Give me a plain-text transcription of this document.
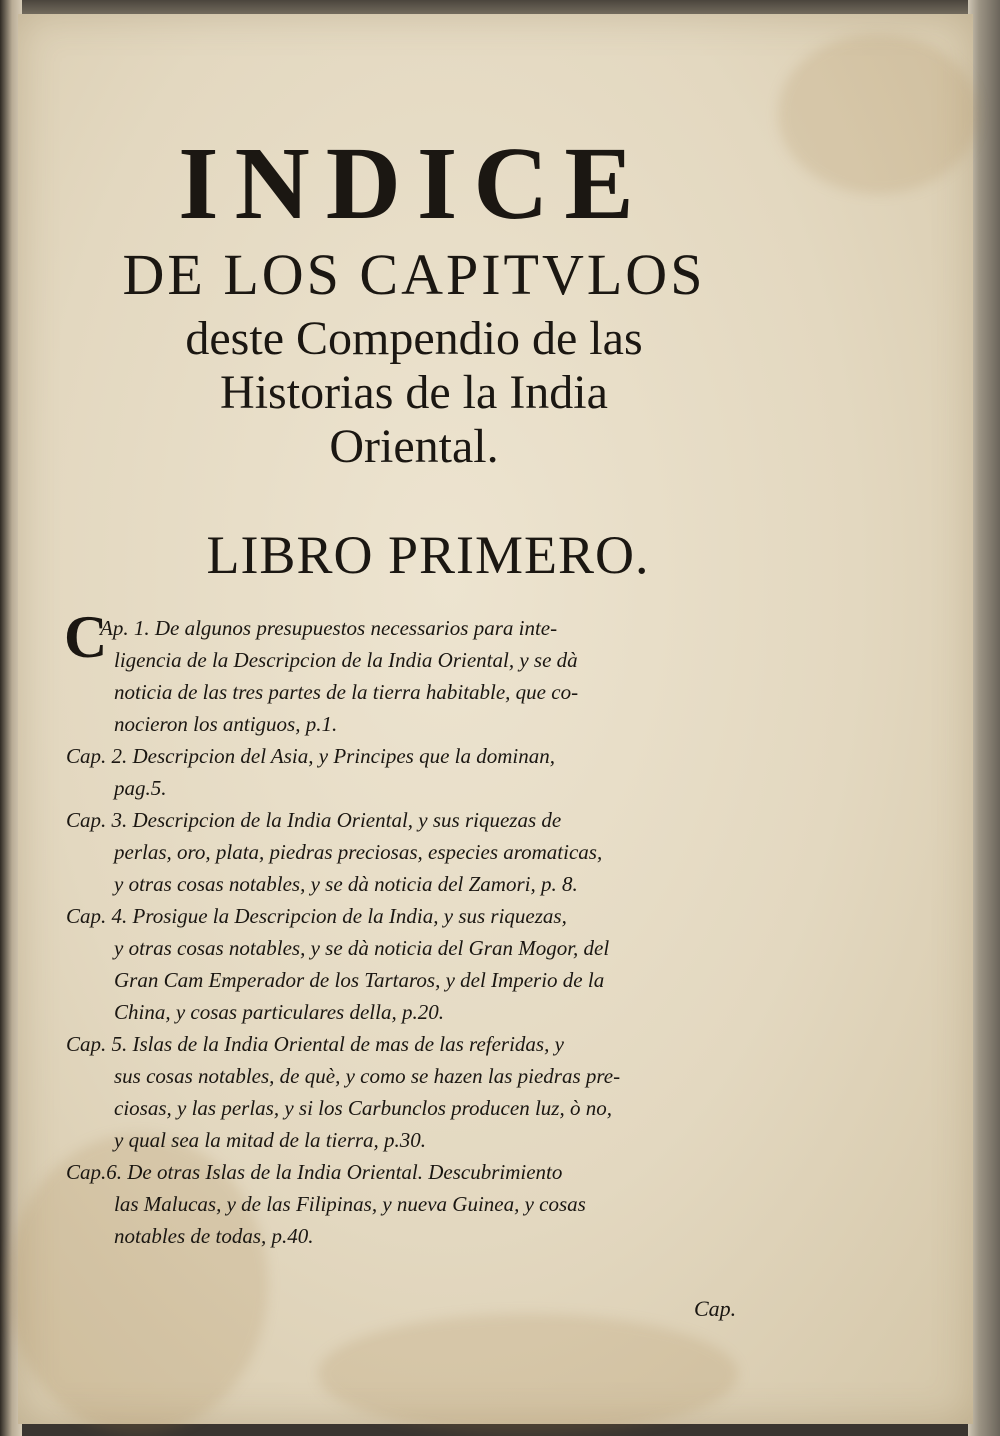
INDICE
DE LOS CAPITVLOS
deste Compendio de las
Historias de la India
Oriental.
LIBRO PRIMERO.
C
Ap. 1. De algunos presupuestos necessarios para inte-
ligencia de la Descripcion de la India Oriental, y se dà
noticia de las tres partes de la tierra habitable, que co-
nocieron los antiguos, p.1.
Cap. 2. Descripcion del Asia, y Principes que la dominan,
pag.5.
Cap. 3. Descripcion de la India Oriental, y sus riquezas de
perlas, oro, plata, piedras preciosas, especies aromaticas,
y otras cosas notables, y se dà noticia del Zamori, p. 8.
Cap. 4. Prosigue la Descripcion de la India, y sus riquezas,
y otras cosas notables, y se dà noticia del Gran Mogor, del
Gran Cam Emperador de los Tartaros, y del Imperio de la
China, y cosas particulares della, p.20.
Cap. 5. Islas de la India Oriental de mas de las referidas, y
sus cosas notables, de què, y como se hazen las piedras pre-
ciosas, y las perlas, y si los Carbunclos producen luz, ò no,
y qual sea la mitad de la tierra, p.30.
Cap.6. De otras Islas de la India Oriental. Descubrimiento
las Malucas, y de las Filipinas, y nueva Guinea, y cosas
notables de todas, p.40.
Cap.
